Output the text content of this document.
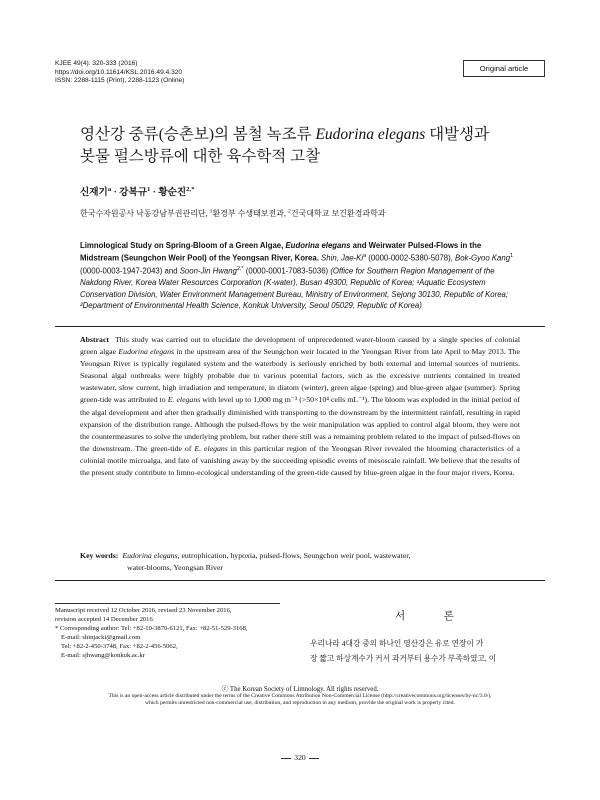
KJEE 49(4): 320-333 (2016)
https://doi.org/10.11614/KSL.2016.49.4.320
ISSN: 2288-1115 (Print), 2288-1123 (Online)
Original article
영산강 중류(승촌보)의 봄철 녹조류 Eudorina elegans 대발생과
봇물 펄스방류에 대한 육수학적 고찰
신재기$^a$ · 강복규$^1$ · 황순진$^{2,*}$
한국수자원공사 낙동강남부권관리단, $^1$환경부 수생태보전과, $^2$건국대학교 보건환경과학과
Limnological Study on Spring-Bloom of a Green Algae, Eudorina elegans and Weirwater Pulsed-Flows in the Midstream (Seungchon Weir Pool) of the Yeongsan River, Korea. Shin, Jae-Ki$^a$ (0000-0002-5380-5078), Bok-Gyoo Kang$^1$ (0000-0003-1947-2043) and Soon-Jin Hwang$^{2,*}$ (0000-0001-7083-5036) (Office for Southern Region Management of the Nakdong River, Korea Water Resources Corporation (K-water), Busan 49300, Republic of Korea; ¹Aquatic Ecosystem Conservation Division, Water Environment Management Bureau, Ministry of Environment, Sejong 30130, Republic of Korea; ²Department of Environmental Health Science, Konkuk University, Seoul 05029, Republic of Korea)
Abstract This study was carried out to elucidate the development of unprecedented water-bloom caused by a single species of colonial green algae Eudorina elegans in the upstream area of the Seungchon weir located in the Yeongsan River from late April to May 2013. The Yeongsan River is typically regulated system and the waterbody is seriously enriched by both external and internal sources of nutrients. Seasonal algal outbreaks were highly probable due to various potential factors, such as the excessive nutrients contained in treated wastewater, slow current, high irradiation and temperature, in diatom (winter), green algae (spring) and blue-green algae (summer). Spring green-tide was attributed to E. elegans with level up to 1,000 mg m⁻³ (>50×10⁴ cells mL⁻¹). The bloom was exploded in the initial period of the algal development and after then gradually diminished with transporting to the downstream by the intermittent rainfall, resulting in rapid expansion of the distribution range. Although the pulsed-flows by the weir manipulation was applied to control algal bloom, they were not the countermeasures to solve the underlying problem, but rather there still was a remaining problem related to the impact of pulsed-flows on the downstream. The green-tide of E. elegans in this particular region of the Yeongsan River revealed the blooming characteristics of a colonial motile microalga, and fate of vanishing away by the succeeding episodic events of mesoscale rainfall. We believe that the results of the present study contribute to limno-ecological understanding of the green-tide caused by blue-green algae in the four major rivers, Korea.
Key words: Eudorina elegans, eutrophication, hypoxia, pulsed-flows, Seungchon weir pool, wastewater,
water-blooms, Yeongsan River
Manuscript received 12 October 2016, revised 23 November 2016,
revision accepted 14 December 2016
* Corresponding author: Tel: +82-10-3870-6121, Fax: +82-51-529-3168,
E-mail: shinjacki@gmail.com
Tel: +82-2-450-3748, Fax: +82-2-456-5062,
E-mail: sjhwang@konkuk.ac.kr
서 론
우리나라 4대강 중의 하나인 영산강은 유로 연장이 가
장 짧고 하상계수가 커서 과거부터 용수가 부족하였고, 이
ⓒ The Korean Society of Limnology. All rights reserved.
This is an open-access article distributed under the terms of the Creative Commons Attribution Non-Commercial License (http://creativecommons.org/licenses/by-nc/3.0/),
which permits unrestricted non-commercial use, distribution, and reproduction in any medium, provide the original work is properly cited.
320
